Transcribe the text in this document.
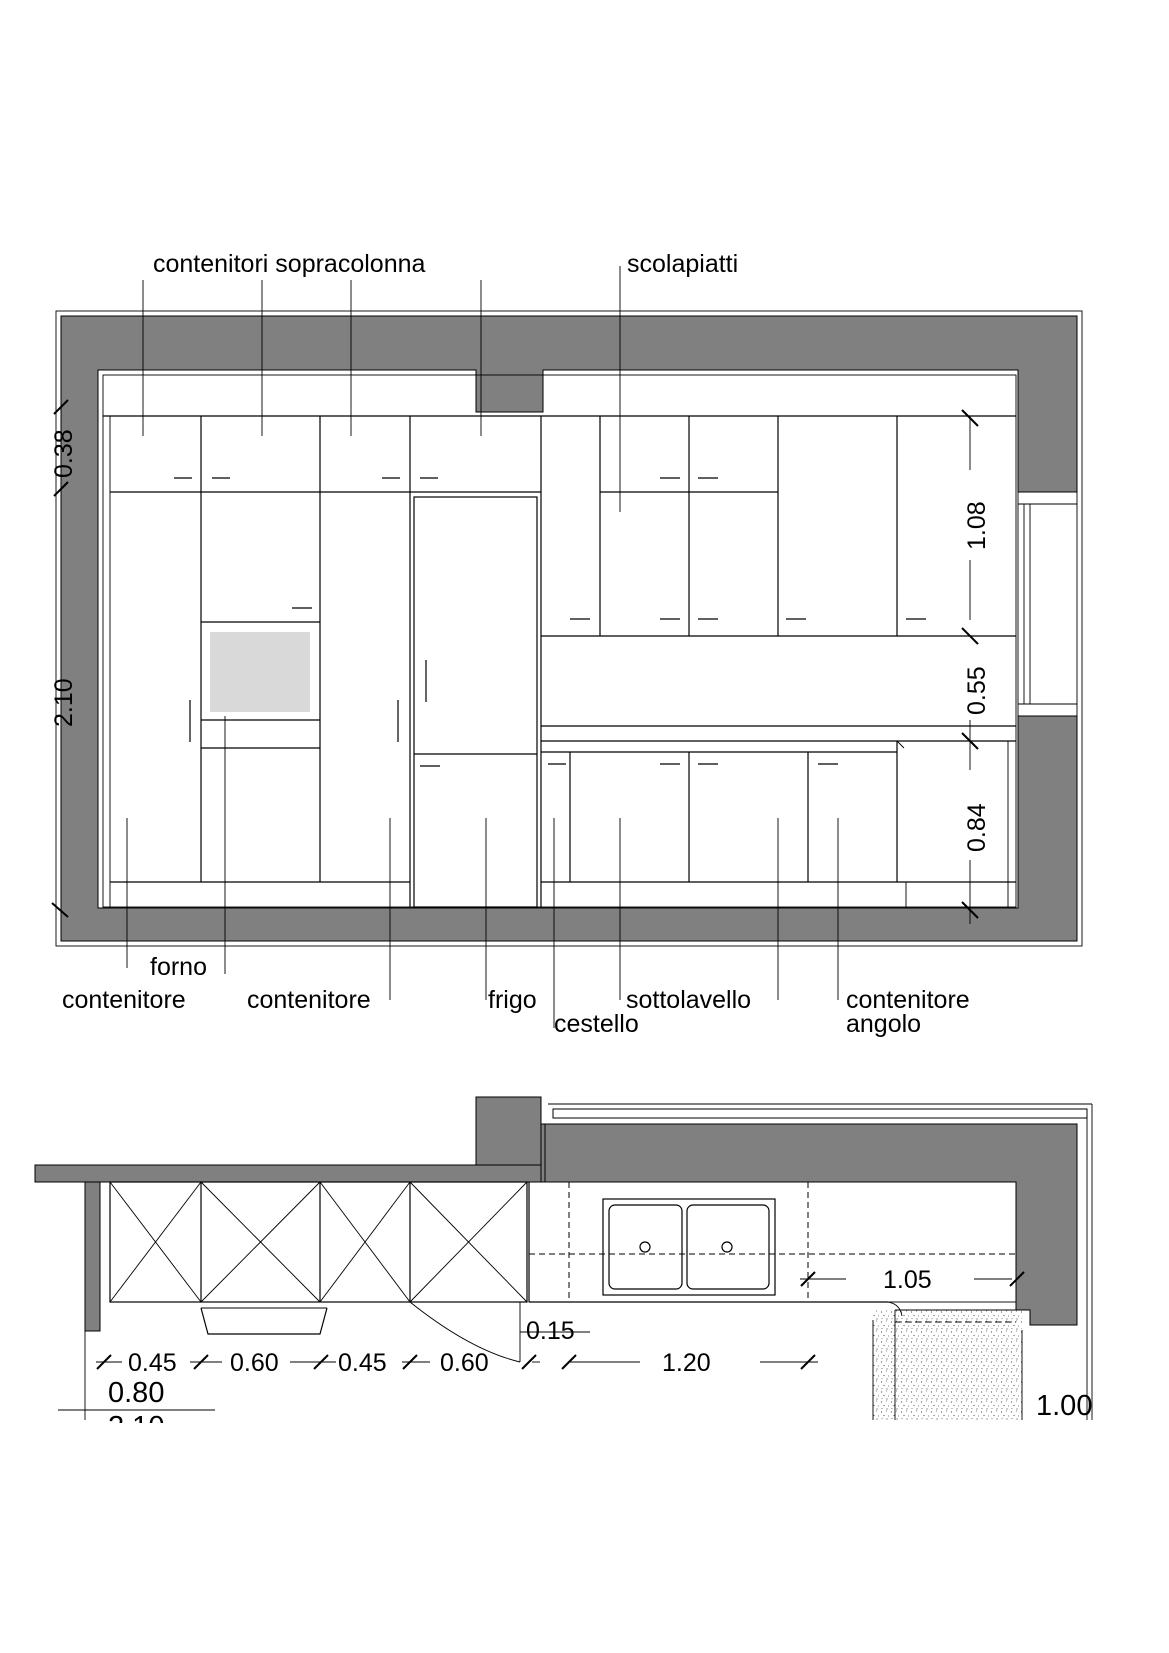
contenitori sopracolonna	scolapiatti
forno
contenitore contenitore	frigo
cestello
sottolavello	contenitore
angolo
0.38
2.10
1.08
0.55
0.84
0.45 0.60 0.45 0.60
0.15
1.20
1.05
0.80	1.00
